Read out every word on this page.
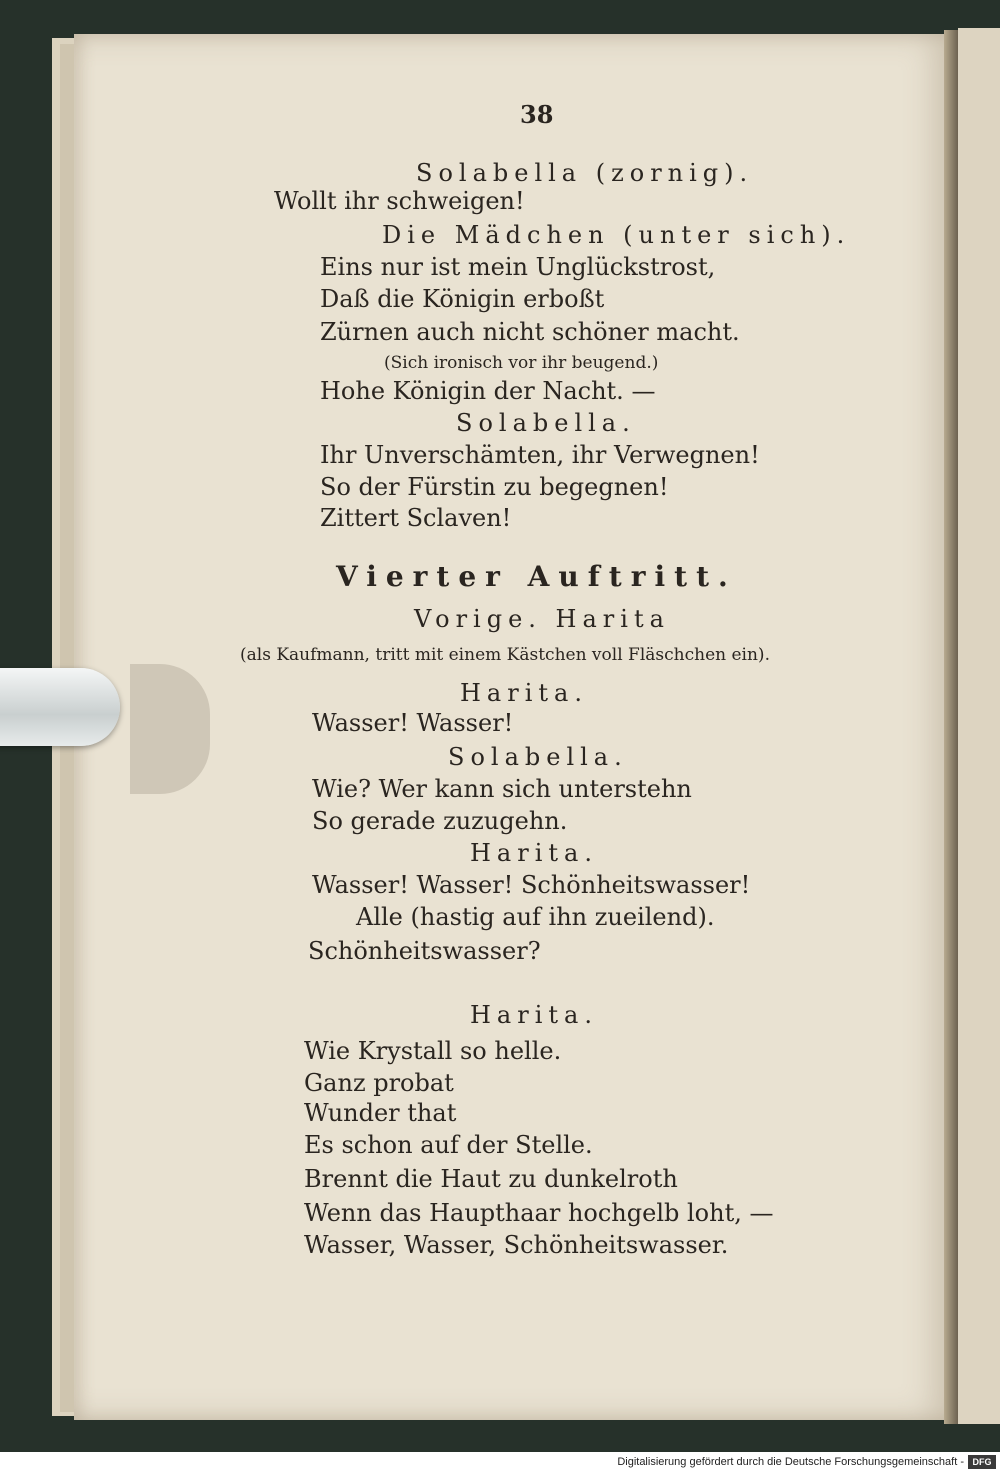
38
Solabella (zornig).
Wollt ihr schweigen!
Die Mädchen (unter sich).
Eins nur ist mein Unglückstrost,
Daß die Königin erboßt
Zürnen auch nicht schöner macht.
(Sich ironisch vor ihr beugend.)
Hohe Königin der Nacht. —
Solabella.
Ihr Unverschämten, ihr Verwegnen!
So der Fürstin zu begegnen!
Zittert Sclaven!
Vierter Auftritt.
Vorige. Harita
(als Kaufmann, tritt mit einem Kästchen voll Fläschchen ein).
Harita.
Wasser! Wasser!
Solabella.
Wie? Wer kann sich unterstehn
So gerade zuzugehn.
Harita.
Wasser! Wasser! Schönheitswasser!
Alle (hastig auf ihn zueilend).
Schönheitswasser?
Harita.
Wie Krystall so helle.
Ganz probat
Wunder that
Es schon auf der Stelle.
Brennt die Haut zu dunkelroth
Wenn das Haupthaar hochgelb loht, —
Wasser, Wasser, Schönheitswasser.
Digitalisierung gefördert durch die Deutsche Forschungsgemeinschaft - DFG
